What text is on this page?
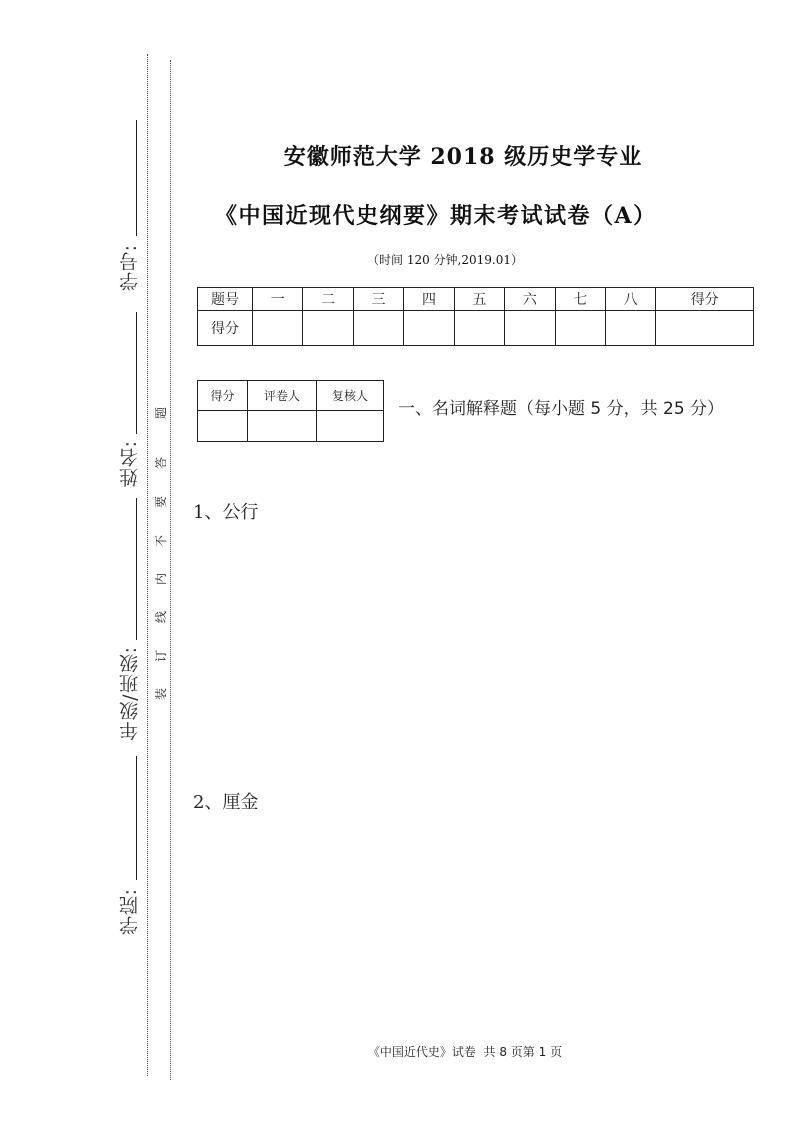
学号:
姓名:
年级/班级:
学院:
装
订
线
内
不
要
答
题
安徽师范大学 2018 级历史学专业
《中国近现代史纲要》期末考试试卷（A）
（时间 120 分钟,2019.01）
题号	一	二	三	四	五	六	七	八	得分
得分									
得分	评卷人	复核人

一、名词解释题（每小题 5 分，共 25 分）
1、公行
2、厘金
《中国近代史》试卷  共 8 页第 1 页
